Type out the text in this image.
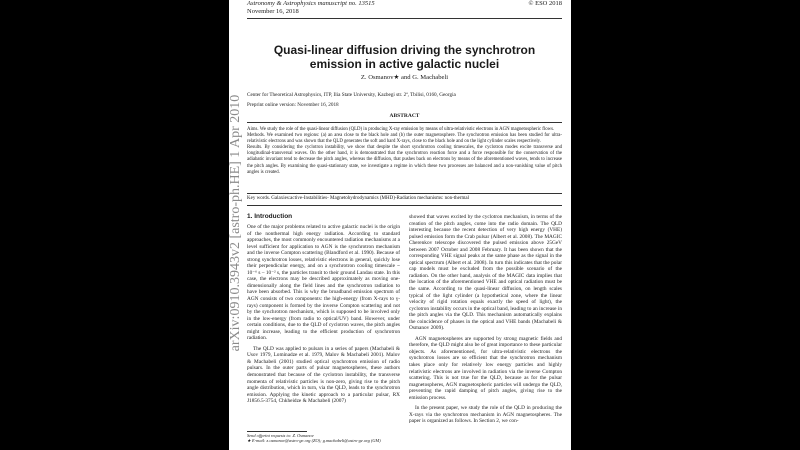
Astronomy & Astrophysics manuscript no. 13515
November 16, 2018
© ESO 2018
Quasi-linear diffusion driving the synchrotron emission in active galactic nuclei
Z. Osmanov★ and G. Machabeli
Center for Theoretical Astrophysics, ITP, Ilia State University, Kazbegi str. 2ª, Tbilisi, 0160, Georgia
Preprint online version: November 16, 2018
ABSTRACT

Aims. We study the role of the quasi-linear diffusion (QLD) in producing X-ray emission by means of ultra-relativistic electrons in AGN magnetospheric flows.

Methods. We examined two regions: (a) an area close to the black hole and (b) the outer magnetosphere. The synchrotron emission has been studied for ultra-relativistic electrons and was shown that the QLD generates the soft and hard X-rays, close to the black hole and on the light cylinder scales respectively.

Results. By considering the cyclotron instability, we show that despite the short synchrotron cooling timescales, the cyclotron modes excite transverse and longitudinal-transversal waves. On the other hand, it is demonstrated that the synchrotron reaction force and a force responsible for the conservation of the adiabatic invariant tend to decrease the pitch angles, whereas the diffusion, that pushes back on electrons by means of the aforementioned waves, tends to increase the pitch angles. By examining the quasi-stationary state, we investigate a regime in which these two processes are balanced and a non-vanishing value of pitch angles is created.

Key words. Galaxies:active-Instabilities- Magnetohydrodynamics (MHD)-Radiation mechanisms: non-thermal
1. Introduction

One of the major problems related to active galactic nuclei is the origin of the nonthermal high energy radiation. According to standard approaches, the most commonly encountered radiation mechanisms at a level sufficient for application to AGN is the synchrotron mechanism and the inverse Compton scattering (Blandford et al. 1990). Because of strong synchrotron losses, relativistic electrons in general, quickly lose their perpendicular energy, and on a synchrotron cooling timescale ~ 10⁻⁶ s – 10⁻² s, the particles transit to their ground Landau state. In this case, the electrons may be described approximately as moving one-dimensionally along the field lines and the synchrotron radiation to have been absorbed. This is why the broadband emission spectrum of AGN consists of two components: the high-energy (from X-rays to γ-rays) component is formed by the inverse Compton scattering and not by the synchrotron mechanism, which is supposed to be involved only in the low-energy (from radio to optical/UV) band. However, under certain conditions, due to the QLD of cyclotron waves, the pitch angles might increase, leading to the efficient production of synchrotron radiation.

The QLD was applied to pulsars in a series of papers (Machabeli & Usov 1979, Lominadze et al. 1979, Malov & Machabeli 2001). Malov & Machabeli (2001) studied optical synchrotron emission of radio pulsars. In the outer parts of pulsar magnetospheres, these authors demonstrated that because of the cyclotron instability, the transverse momenta of relativistic particles is non-zero, giving rise to the pitch angle distribution, which in turn, via the QLD, leads to the synchrotron emission. Applying the kinetic approach to a particular pulsar, RX J1856.5-3754, Chkheidze & Machabeli (2007)

showed that waves excited by the cyclotron mechanism, in terms of the creation of the pitch angles, come into the radio domain. The QLD interesting because the recent detection of very high energy (VHE) pulsed emission form the Crab pulsar (Albert et al. 2008). The MAGIC Cherenkov telescope discovered the pulsed emission above 25GeV between 2007 October and 2008 February. It has been shown that the corresponding VHE signal peaks at the same phase as the signal in the optical spectrum (Albert et al. 2008). In turn this indicates that the polar cap models must be excluded from the possible scenario of the radiation. On the other hand, analysis of the MAGIC data implies that the location of the aforementioned VHE and optical radiation must be the same. According to the quasi-linear diffusion, on length scales typical of the light cylinder (a hypothetical zone, where the linear velocity of rigid rotation equals exactly the speed of light), the cyclotron instability occurs in the optical band, leading to an increase in the pitch angles via the QLD. This mechanism automatically explains the coincidence of phases in the optical and VHE bands (Machabeli & Osmanov 2009).

AGN magnetospheres are supported by strong magnetic fields and therefore, the QLD might also be of great importance to these particular objects. As aforementioned, for ultra-relativistic electrons the synchrotron losses are so efficient that the synchrotron mechanism takes place only for relatively low energy particles and highly relativistic electrons are involved in radiation via the inverse Compton scattering. This is not true for the QLD, because as for the pulsar magnetospheres, AGN magnetospheric particles will undergo the QLD, preventing the rapid damping of pitch angles, giving rise to the emission process.

In the present paper, we study the role of the QLD in producing the X-rays via the synchrotron mechanism in AGN magnetospheres. The paper is organized as follows. In Section 2, we con-

Send offprint requests to: Z. Osmanov
★ E-mail: z.osmanov@astro-ge.org (ZO); g.machabeli@astro-ge.org (GM)
arXiv:0910.3943v2 [astro-ph.HE] 1 Apr 2010
